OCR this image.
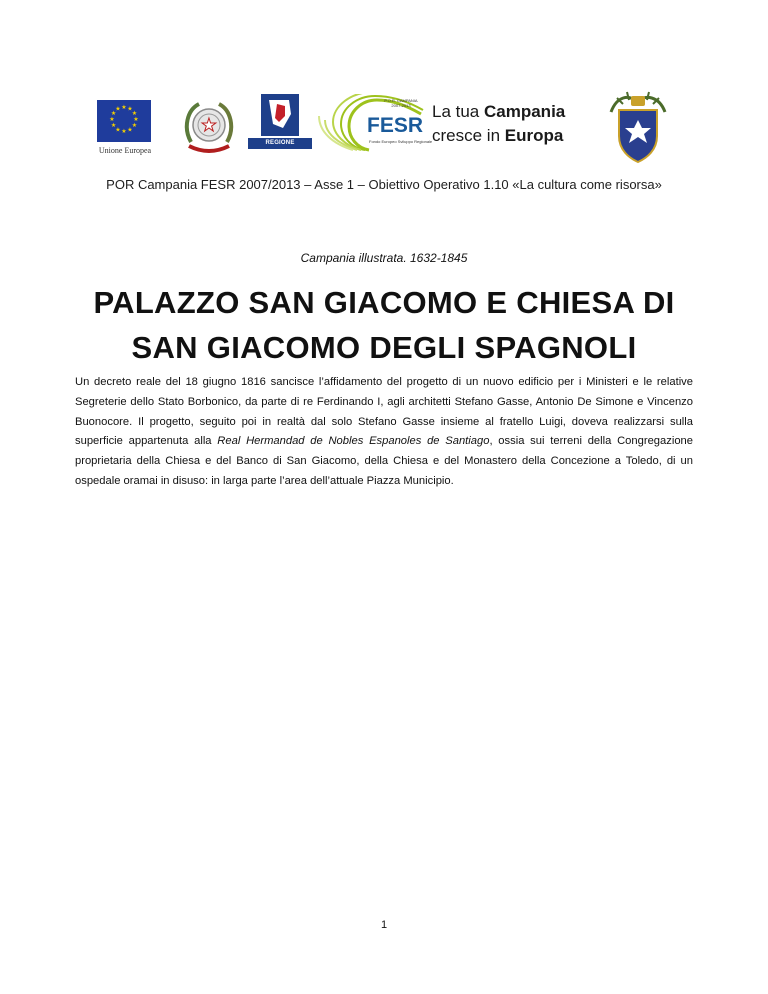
★ ★
★
★
★
★
★
★
★
★
★
★
Unione Europea
★
REGIONE CAMPANIA
P.O.R. CAMPANIA 2007-2013
FESR
Fondo Europeo Sviluppo Regionale
La tua Campania
cresce in Europa
POR Campania FESR 2007/2013 – Asse 1 – Obiettivo Operativo 1.10 «La cultura come risorsa»
Campania illustrata. 1632-1845
PALAZZO SAN GIACOMO E CHIESA DI
SAN GIACOMO DEGLI SPAGNOLI

Un decreto reale del 18 giugno 1816 sancisce l’affidamento del progetto di un nuovo edificio per i Ministeri e le relative Segreterie dello Stato Borbonico, da parte di re Ferdinando I, agli architetti Stefano Gasse, Antonio De Simone e Vincenzo Buonocore. Il progetto, seguito poi in realtà dal solo Stefano Gasse insieme al fratello Luigi, doveva realizzarsi sulla superficie appartenuta alla Real Hermandad de Nobles Espanoles de Santiago, ossia sui terreni della Congregazione proprietaria della Chiesa e del Banco di San Giacomo, della Chiesa e del Monastero della Concezione a Toledo, di un ospedale oramai in disuso: in larga parte l’area dell’attuale Piazza Municipio.

1
